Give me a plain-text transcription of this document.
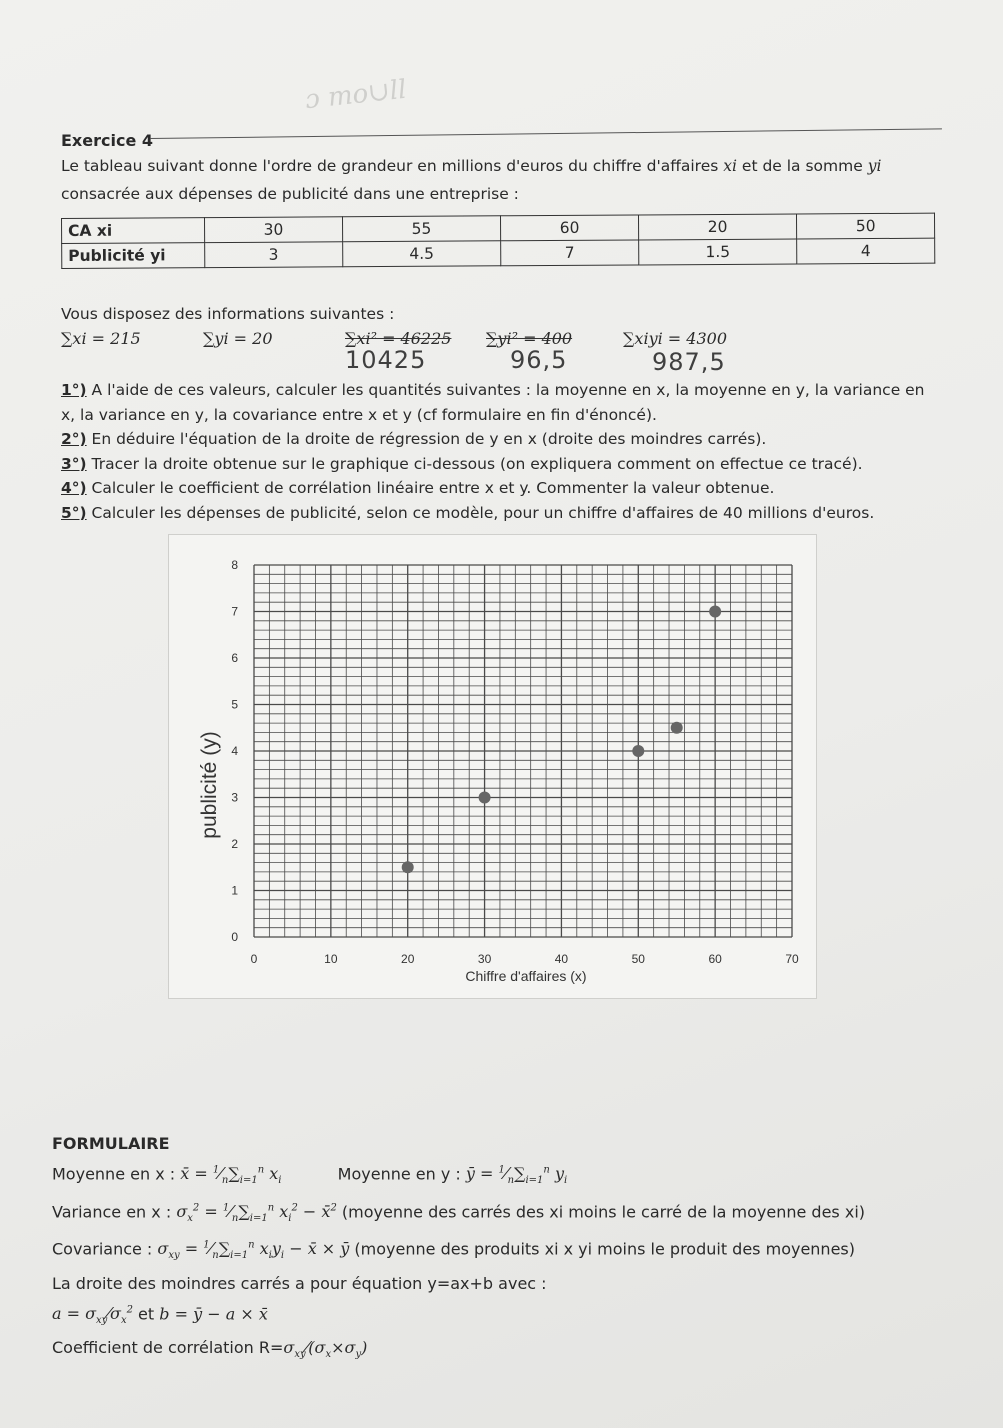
ɔ mo∪ll
Exercice 4
Le tableau suivant donne l'ordre de grandeur en millions d'euros du chiffre d'affaires xi et de la somme yi
consacrée aux dépenses de publicité dans une entreprise :
CA xi	30	55	60	20	50
Publicité yi	3	4.5	7	1.5	4
Vous disposez des informations suivantes :
∑xi = 215	∑yi = 20	∑xi² = 46225 ∑yi² = 400	∑xiyi = 4300
10425	96,5	987,5

1°) A l'aide de ces valeurs, calculer les quantités suivantes : la moyenne en x, la moyenne en y, la variance en x, la variance en y, la covariance entre x et y (cf formulaire en fin d'énoncé).

2°) En déduire l'équation de la droite de régression de y en x (droite des moindres carrés).

3°) Tracer la droite obtenue sur le graphique ci-dessous (on expliquera comment on effectue ce tracé).

4°) Calculer le coefficient de corrélation linéaire entre x et y. Commenter la valeur obtenue.

5°) Calculer les dépenses de publicité, selon ce modèle, pour un chiffre d'affaires de 40 millions d'euros.

0	10	20	30	40	50	60	70
0
1
2
3
4
5
6
7
8
Chiffre d'affaires (x)
publicité (y)

FORMULAIRE

Moyenne en x : x̄ = $^1⁄_n\sum_{i=1}^n$ $x_i$	Moyenne en y : ȳ = $^1⁄_n\sum_{i=1}^n$ $y_i$

Variance en x : $\sigma_x^2$ = $^1⁄_n\sum_{i=1}^n$ $x_i^2$ − x̄$^2$ (moyenne des carrés des xi moins le carré de la moyenne des xi)

Covariance : $\sigma_{xy}$ = $^1⁄_n\sum_{i=1}^n$ $x_iy_i$ − x̄ × ȳ (moyenne des produits xi x yi moins le produit des moyennes)

La droite des moindres carrés a pour équation y=ax+b avec :

$a = \sigma_{xy}⁄\sigma_x^2$ et b = ȳ − a × x̄

Coefficient de corrélation $R=\sigma_{xy}⁄(\sigma_x\times\sigma_y)$
